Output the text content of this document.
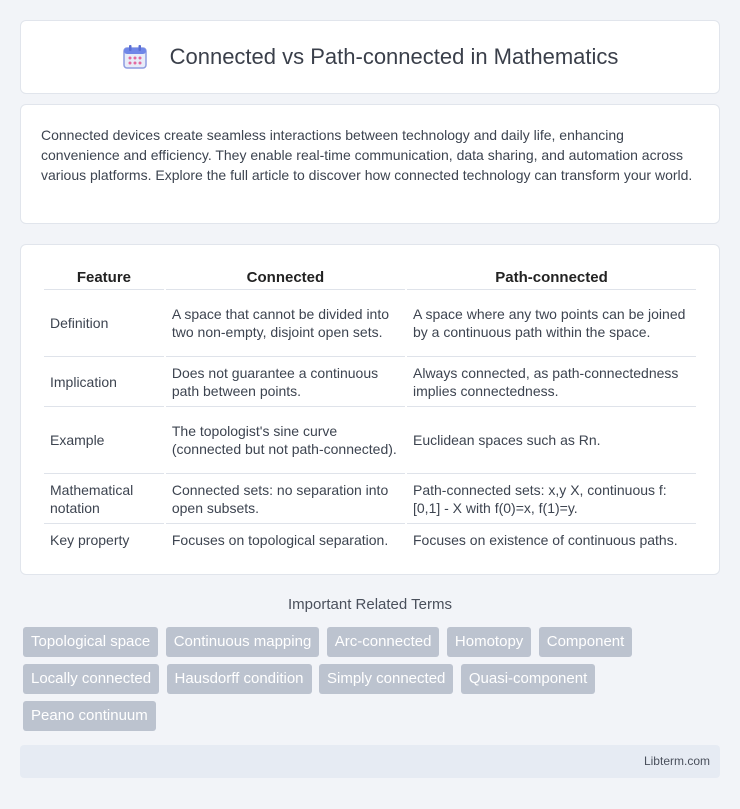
Connected vs Path-connected in Mathematics

Connected devices create seamless interactions between technology and daily life, enhancing convenience and efficiency. They enable real-time communication, data sharing, and automation across various platforms. Explore the full article to discover how connected technology can transform your world.

Feature	Connected	Path-connected
Definition	A space that cannot be divided into two non-empty, disjoint open sets.	A space where any two points can be joined by a continuous path within the space.
Implication	Does not guarantee a continuous path between points.	Always connected, as path-connectedness implies connectedness.
Example	The topologist's sine curve (connected but not path-connected).	Euclidean spaces such as Rn.
Mathematical notation	Connected sets: no separation into open subsets.	Path-connected sets: x,y X, continuous f:[0,1] - X with f(0)=x, f(1)=y.
Key property	Focuses on topological separation.	Focuses on existence of continuous paths.
Important Related Terms
Topological space Continuous mapping Arc-connected Homotopy Component Locally connected Hausdorff condition Simply connected Quasi-component Peano continuum
Libterm.com
